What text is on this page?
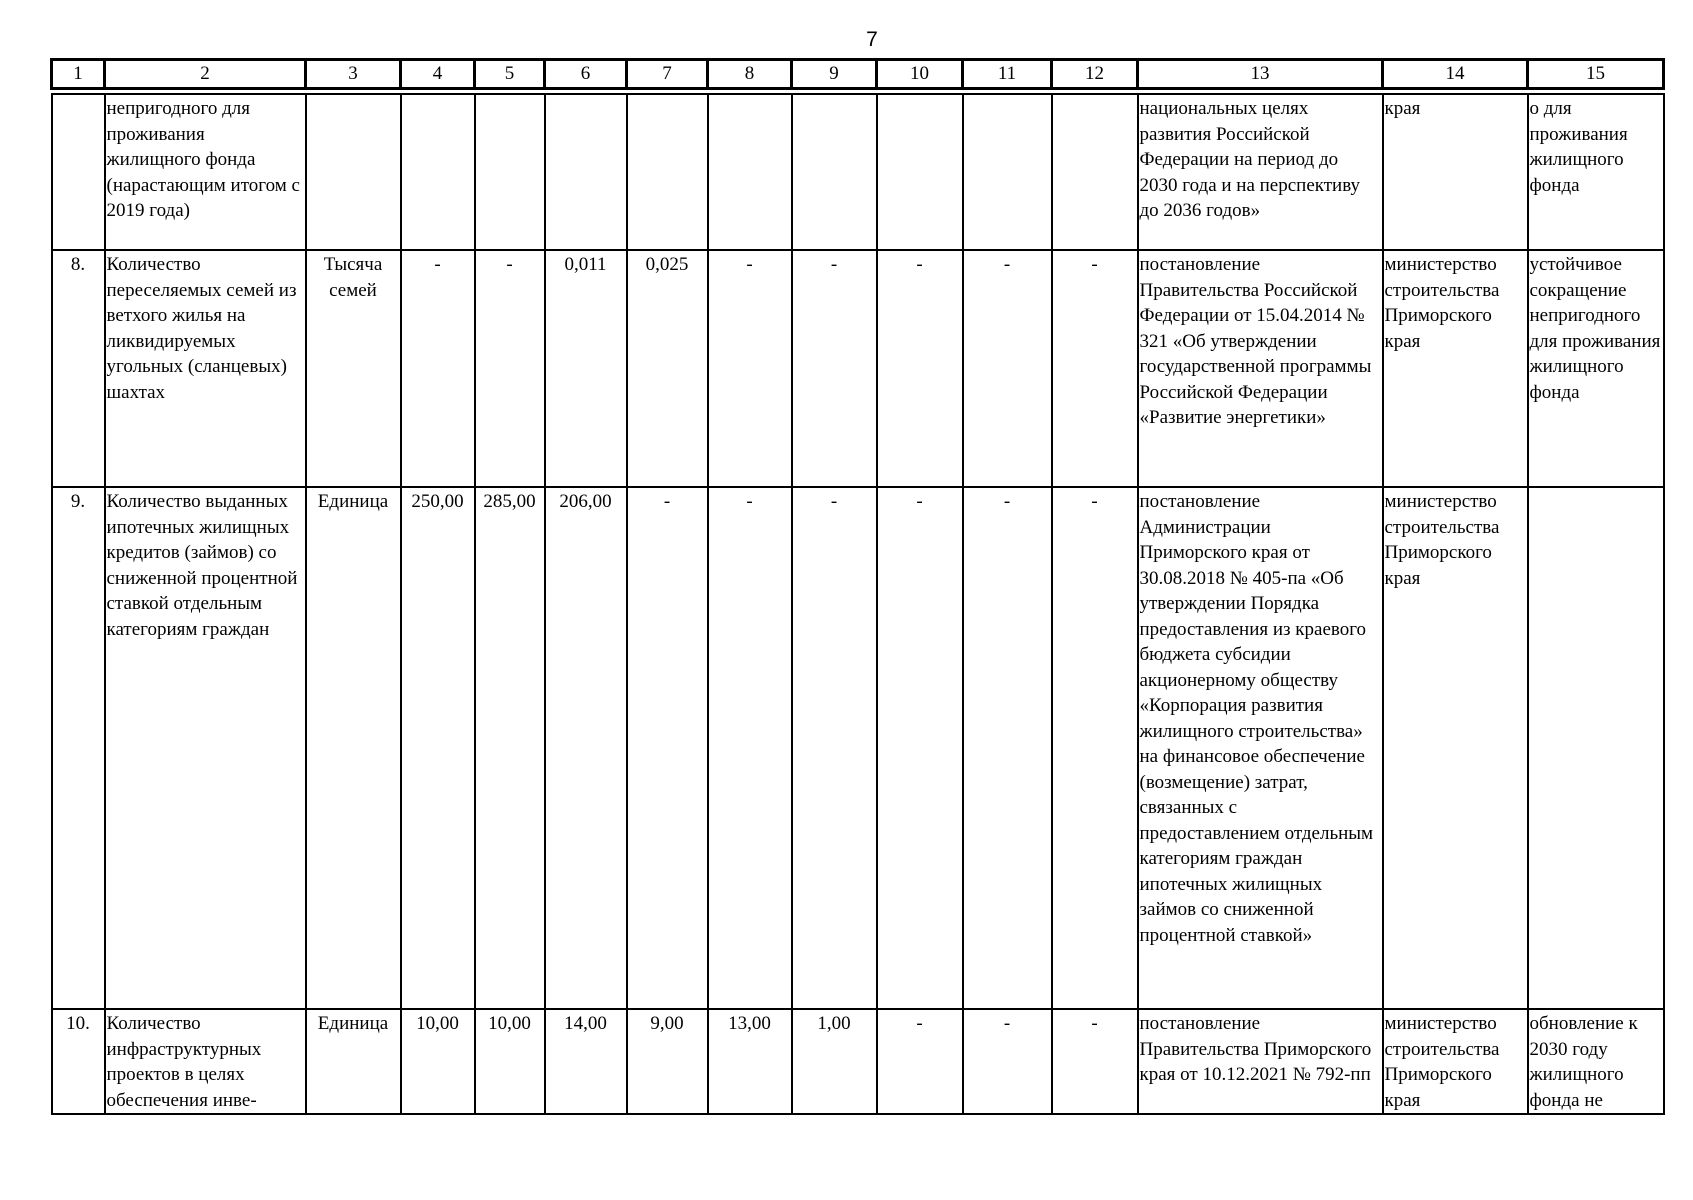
7
1	2	3	4	5	6	7	8	9	10	11	12	13	14	15

	непригодного для проживания жилищного фонда (нарастающим итогом с 2019 года)											национальных целях развития Российской Федерации на период до 2030 года и на перспективу до 2036 годов»	края	о для проживания жилищного фонда
8.	Количество переселяемых семей из ветхого жилья на ликвидируемых угольных (сланцевых) шахтах	Тысяча семей	-	-	0,011	0,025	-	-	-	-	-	постановление Правительства Российской Федерации от 15.04.2014 № 321 «Об утверждении государственной программы Российской Федерации «Развитие энергетики»	министерство строительства Приморского края	устойчивое сокращение непригодного для проживания жилищного фонда
9.	Количество выданных ипотечных жилищных кредитов (займов) со сниженной процентной ставкой отдельным категориям граждан	Единица	250,00	285,00	206,00	-	-	-	-	-	-	постановление Администрации Приморского края от 30.08.2018 № 405-па «Об утверждении Порядка предоставления из краевого бюджета субсидии акционерному обществу «Корпорация развития жилищного строительства» на финансовое обеспечение (возмещение) затрат, связанных с предоставлением отдельным категориям граждан ипотечных жилищных займов со сниженной процентной ставкой»	министерство строительства Приморского края	
10.	Количество инфраструктурных проектов в целях обеспечения инве-	Единица	10,00	10,00	14,00	9,00	13,00	1,00	-	-	-	постановление Правительства Приморского края от 10.12.2021 № 792-пп	министерство строительства Приморского края	обновление к 2030 году жилищного фонда не
